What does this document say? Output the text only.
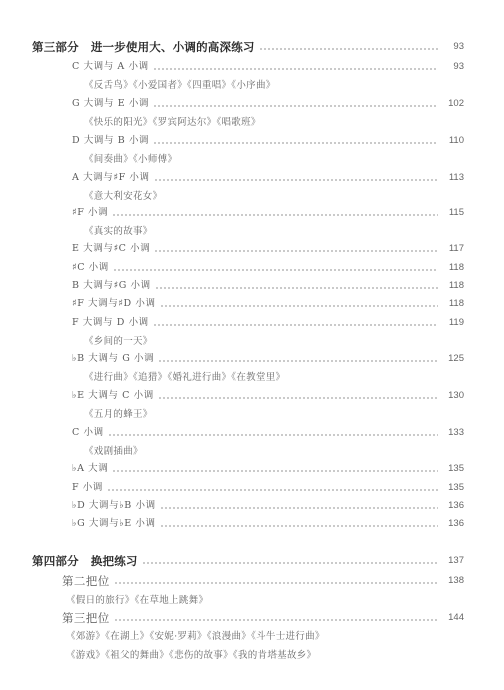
第三部分 进一步使用大、小调的高深练习	93
C 大调与 A 小调	93
《反舌鸟》《小爱国者》《四重唱》《小序曲》
G 大调与 E 小调	102
《快乐的阳光》《罗宾阿达尔》《唱歌班》
D 大调与 B 小调	110
《间奏曲》《小师傅》
A 大调与♯F 小调	113
《意大利安花女》
♯F 小调	115
《真实的故事》
E 大调与♯C 小调	117
♯C 小调	118
B 大调与♯G 小调	118
♯F 大调与♯D 小调	118
F 大调与 D 小调	119
《乡间的一天》
♭B 大调与 G 小调	125
《进行曲》《追猎》《婚礼进行曲》《在教堂里》
♭E 大调与 C 小调	130
《五月的蜂王》
C 小调	133
《戏剧插曲》
♭A 大调	135
F 小调	135
♭D 大调与♭B 小调	136
♭G 大调与♭E 小调	136
第四部分 换把练习	137
第二把位	138
《假日的旅行》《在草地上跳舞》
第三把位	144
《郊游》《在湖上》《安妮·罗莉》《浪漫曲》《斗牛士进行曲》
《游戏》《祖父的舞曲》《悲伤的故事》《我的肯塔基故乡》
